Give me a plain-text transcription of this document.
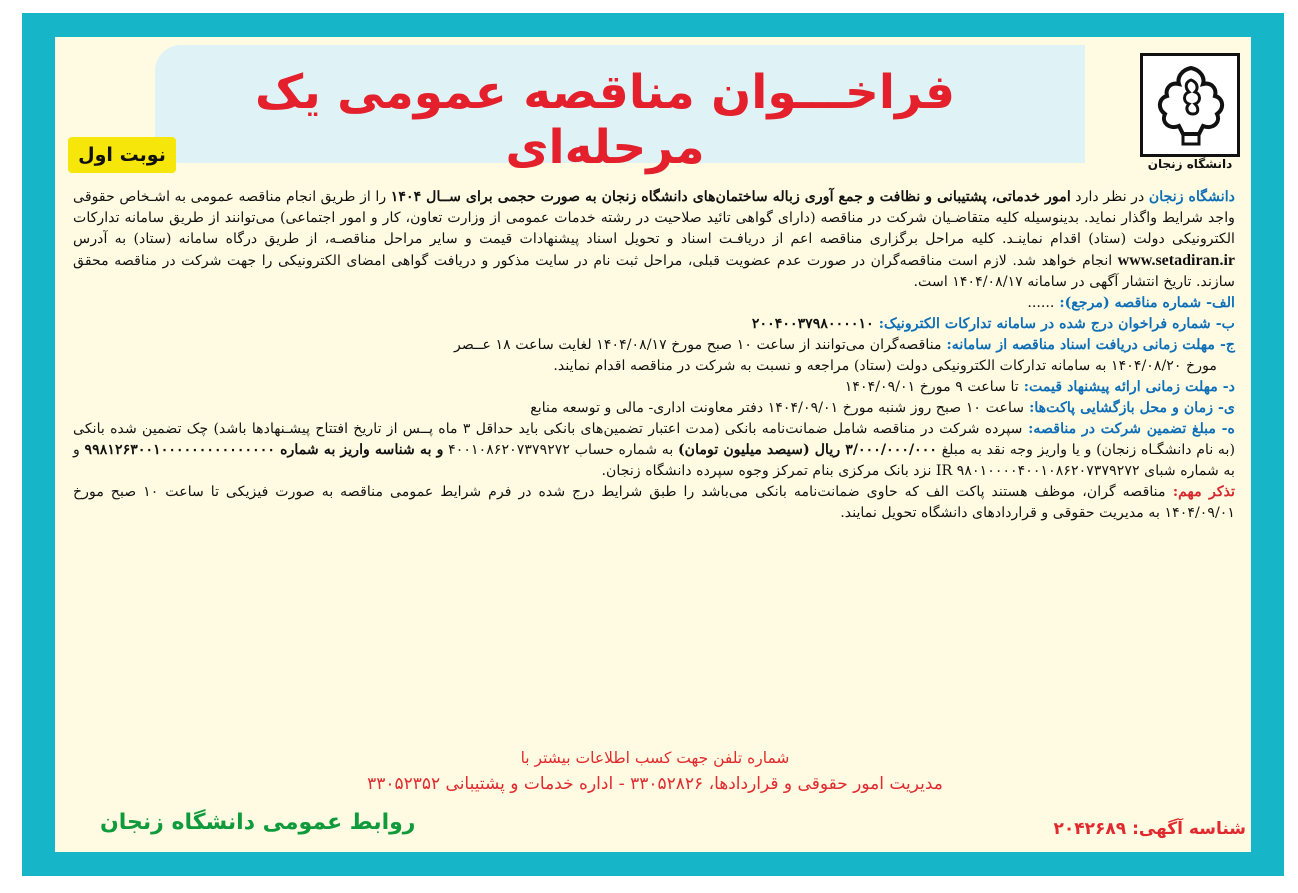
فراخـــوان مناقصه عمومی یک مرحله‌ای
نوبت اول	دانشگاه زنجان

دانشگاه زنجان در نظر دارد امور خدماتی، پشتیبانی و نظافت و جمع آوری زباله ساختمان‌های دانشگاه زنجان به صورت حجمی برای ســال ۱۴۰۴ را از طریق انجام مناقصه عمومی به اشـخاص حقوقی واجد شرایط واگذار نماید. بدینوسیله کلیه متقاضـیان شرکت در مناقصه (دارای گواهی تائید صلاحیت در رشته خدمات عمومی از وزارت تعاون، کار و امور اجتماعی) می‌توانند از طریق سامانه تدارکات الکترونیکی دولت (ستاد) اقدام نماینـد. کلیه مراحل برگزاری مناقصه اعم از دریافـت اسناد و تحویل اسناد پیشنهادات قیمت و سایر مراحل مناقصـه، از طریق درگاه سامانه (ستاد) به آدرس www.setadiran.ir انجام خواهد شد. لازم است مناقصه‌گران در صورت عدم عضویت قبلی، مراحل ثبت نام در سایت مذکور و دریافت گواهی امضای الکترونیکی را جهت شرکت در مناقصه محقق سازند. تاریخ انتشار آگهی در سامانه ۱۴۰۴/۰۸/۱۷ است.

الف- شماره مناقصه (مرجع): ......

ب- شماره فراخوان درج شده در سامانه تدارکات الکترونیک: ۲۰۰۴۰۰۳۷۹۸۰۰۰۰۱۰

ج- مهلت زمانی دریافت اسناد مناقصه از سامانه: مناقصه‌گران می‌توانند از ساعت ۱۰ صبح مورخ ۱۴۰۴/۰۸/۱۷ لغایت ساعت ۱۸ عــصر
مورخ ۱۴۰۴/۰۸/۲۰ به سامانه تدارکات الکترونیکی دولت (ستاد) مراجعه و نسبت به شرکت در مناقصه اقدام نمایند.

د- مهلت زمانی ارائه پیشنهاد قیمت: تا ساعت ۹ مورخ ۱۴۰۴/۰۹/۰۱

ی- زمان و محل بازگشایی پاکت‌ها: ساعت ۱۰ صبح روز شنبه مورخ ۱۴۰۴/۰۹/۰۱ دفتر معاونت اداری- مالی و توسعه منابع

ه- مبلغ تضمین شرکت در مناقصه: سپرده شرکت در مناقصه شامل ضمانت‌نامه بانکی (مدت اعتبار تضمین‌های بانکی باید حداقل ۳ ماه پــس از تاریخ افتتاح پیشـنهادها باشد) چک تضمین شده بانکی (به نام دانشگـاه زنجان) و یا واریز وجه نقد به مبلغ ۳/۰۰۰/۰۰۰/۰۰۰ ریال (سیصد میلیون تومان) به شماره حساب ۴۰۰۱۰۸۶۲۰۷۳۷۹۲۷۲ و به شناسه واریز به شماره ۹۹۸۱۲۶۳۰۰۱۰۰۰۰۰۰۰۰۰۰۰۰۰۰۰ و به شماره شبای IR ۹۸۰۱۰۰۰۰۴۰۰۱۰۸۶۲۰۷۳۷۹۲۷۲ نزد بانک مرکزی بنام تمرکز وجوه سپرده دانشگاه زنجان.

تذکر مهم: مناقصه گران، موظف هستند پاکت الف که حاوی ضمانت‌نامه بانکی می‌باشد را طبق شرایط درج شده در فرم شرایط عمومی مناقصه به صورت فیزیکی تا ساعت ۱۰ صبح مورخ ۱۴۰۴/۰۹/۰۱ به مدیریت حقوقی و قراردادهای دانشگاه تحویل نمایند.

شماره تلفن جهت کسب اطلاعات بیشتر با
مدیریت امور حقوقی و قراردادها، ۳۳۰۵۲۸۲۶ - اداره خدمات و پشتیبانی ۳۳۰۵۲۳۵۲
شناسه آگهی: ۲۰۴۲۶۸۹
روابط عمومی دانشگاه زنجان
